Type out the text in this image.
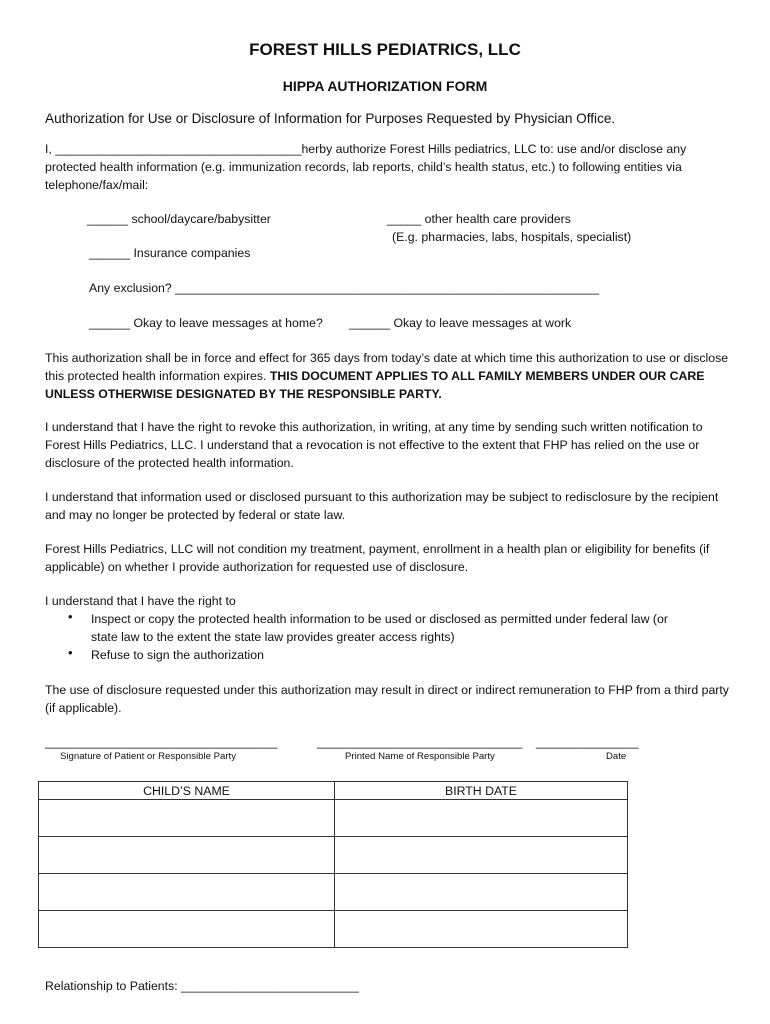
FOREST HILLS PEDIATRICS, LLC
HIPPA AUTHORIZATION FORM
Authorization for Use or Disclosure of Information for Purposes Requested by Physician Office.
I, ____________________________________herby authorize Forest Hills pediatrics, LLC to: use and/or disclose any
protected health information (e.g. immunization records, lab reports, child’s health status, etc.) to following entities via
telephone/fax/mail:
______ school/daycare/babysitter	_____ other health care providers
(E.g. pharmacies, labs, hospitals, specialist)
______ Insurance companies
Any exclusion? ______________________________________________________________
______ Okay to leave messages at home? ______ Okay to leave messages at work
This authorization shall be in force and effect for 365 days from today’s date at which time this authorization to use or disclose this protected health information expires. THIS DOCUMENT APPLIES TO ALL FAMILY MEMBERS UNDER OUR CARE UNLESS OTHERWISE DESIGNATED BY THE RESPONSIBLE PARTY.
I understand that I have the right to revoke this authorization, in writing, at any time by sending such written notification to Forest Hills Pediatrics, LLC. I understand that a revocation is not effective to the extent that FHP has relied on the use or disclosure of the protected health information.
I understand that information used or disclosed pursuant to this authorization may be subject to redisclosure by the recipient and may no longer be protected by federal or state law.
Forest Hills Pediatrics, LLC will not condition my treatment, payment, enrollment in a health plan or eligibility for benefits (if applicable) on whether I provide authorization for requested use of disclosure.
I understand that I have the right to
• Inspect or copy the protected health information to be used or disclosed as permitted under federal law (or
state law to the extent the state law provides greater access rights)
• Refuse to sign the authorization
The use of disclosure requested under this authorization may result in direct or indirect remuneration to FHP from a third party (if applicable).
__________________________________	______________________________ _______________
Signature of Patient or Responsible Party	Printed Name of Responsible Party	Date
CHILD’S NAME	BIRTH DATE

Relationship to Patients: __________________________
